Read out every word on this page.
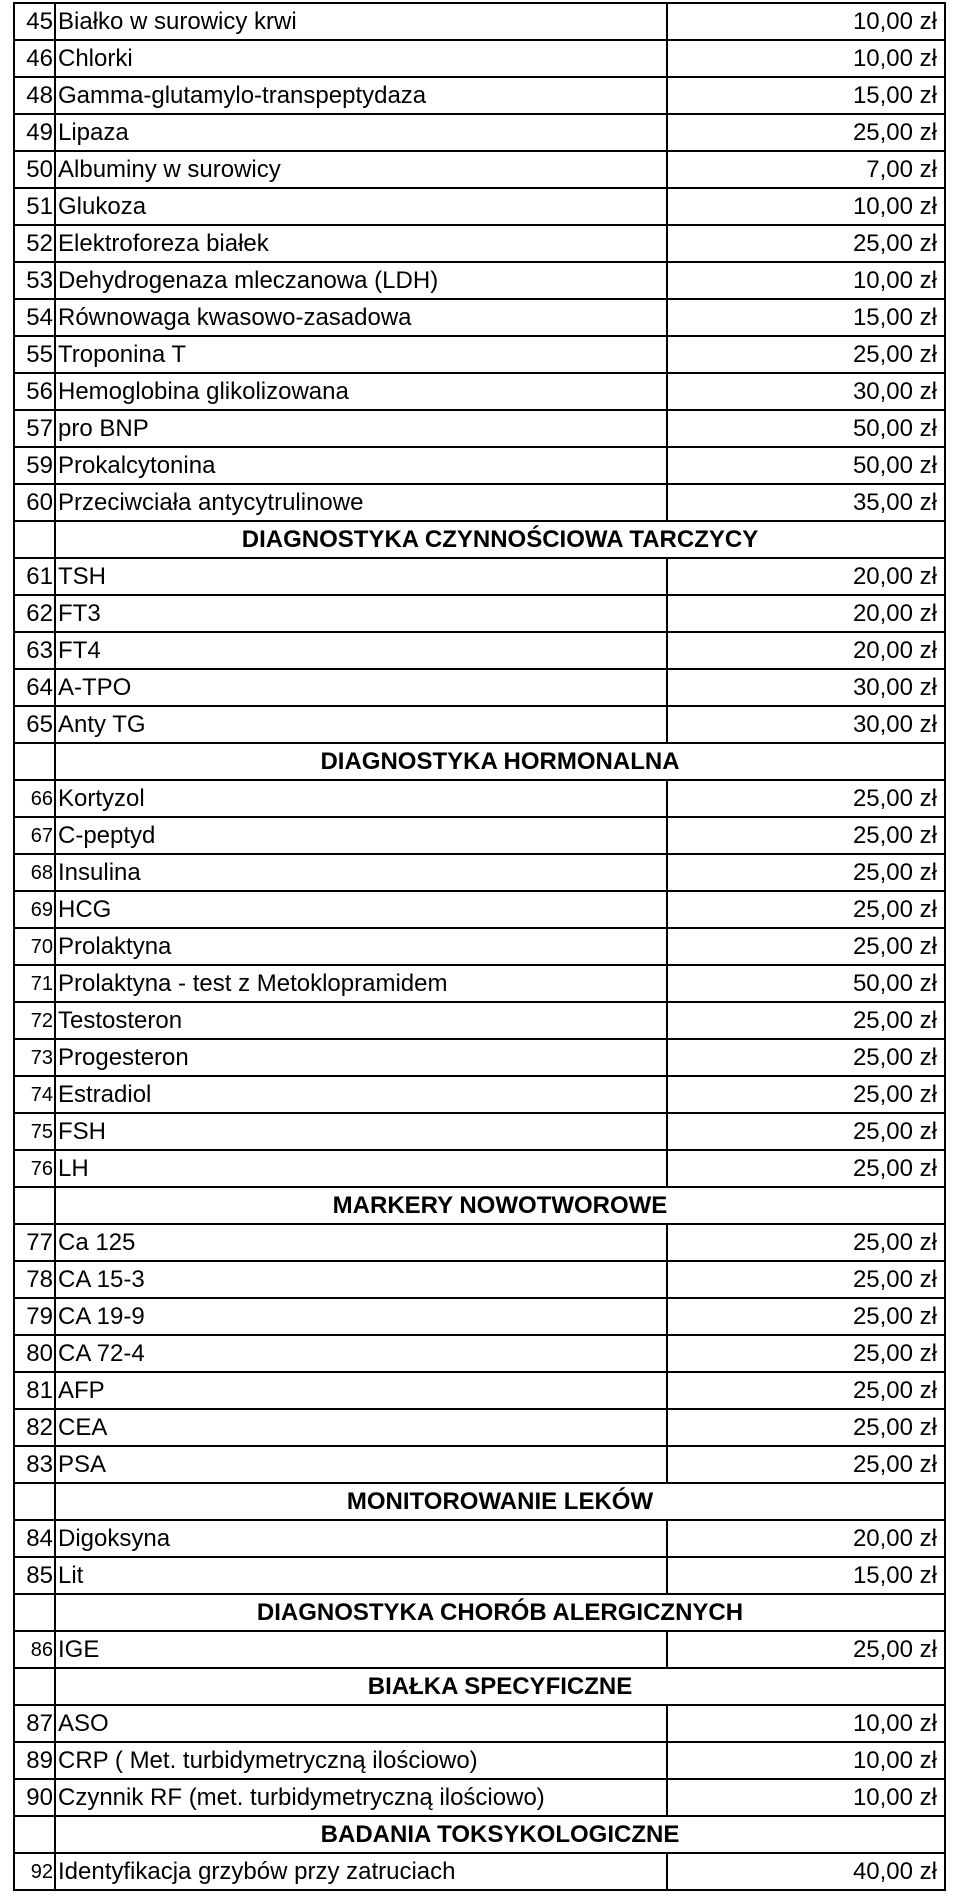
45	Białko w surowicy krwi	10,00 zł
46	Chlorki	10,00 zł
48	Gamma-glutamylo-transpeptydaza	15,00 zł
49	Lipaza	25,00 zł
50	Albuminy w surowicy	7,00 zł
51	Glukoza	10,00 zł
52	Elektroforeza białek	25,00 zł
53	Dehydrogenaza mleczanowa (LDH)	10,00 zł
54	Równowaga kwasowo-zasadowa	15,00 zł
55	Troponina T	25,00 zł
56	Hemoglobina glikolizowana	30,00 zł
57	pro BNP	50,00 zł
59	Prokalcytonina	50,00 zł
60	Przeciwciała antycytrulinowe	35,00 zł
	DIAGNOSTYKA CZYNNOŚCIOWA TARCZYCY	
61	TSH	20,00 zł
62	FT3	20,00 zł
63	FT4	20,00 zł
64	A-TPO	30,00 zł
65	Anty TG	30,00 zł
	DIAGNOSTYKA HORMONALNA	
66	Kortyzol	25,00 zł
67	C-peptyd	25,00 zł
68	Insulina	25,00 zł
69	HCG	25,00 zł
70	Prolaktyna	25,00 zł
71	Prolaktyna - test z Metoklopramidem	50,00 zł
72	Testosteron	25,00 zł
73	Progesteron	25,00 zł
74	Estradiol	25,00 zł
75	FSH	25,00 zł
76	LH	25,00 zł
	MARKERY NOWOTWOROWE	
77	Ca 125	25,00 zł
78	CA 15-3	25,00 zł
79	CA 19-9	25,00 zł
80	CA 72-4	25,00 zł
81	AFP	25,00 zł
82	CEA	25,00 zł
83	PSA	25,00 zł
	MONITOROWANIE LEKÓW	
84	Digoksyna	20,00 zł
85	Lit	15,00 zł
	DIAGNOSTYKA CHORÓB ALERGICZNYCH	
86	IGE	25,00 zł
	BIAŁKA SPECYFICZNE	
87	ASO	10,00 zł
89	CRP ( Met. turbidymetryczną ilościowo)	10,00 zł
90	Czynnik RF (met. turbidymetryczną ilościowo)	10,00 zł
	BADANIA TOKSYKOLOGICZNE	
92	Identyfikacja grzybów przy zatruciach	40,00 zł
